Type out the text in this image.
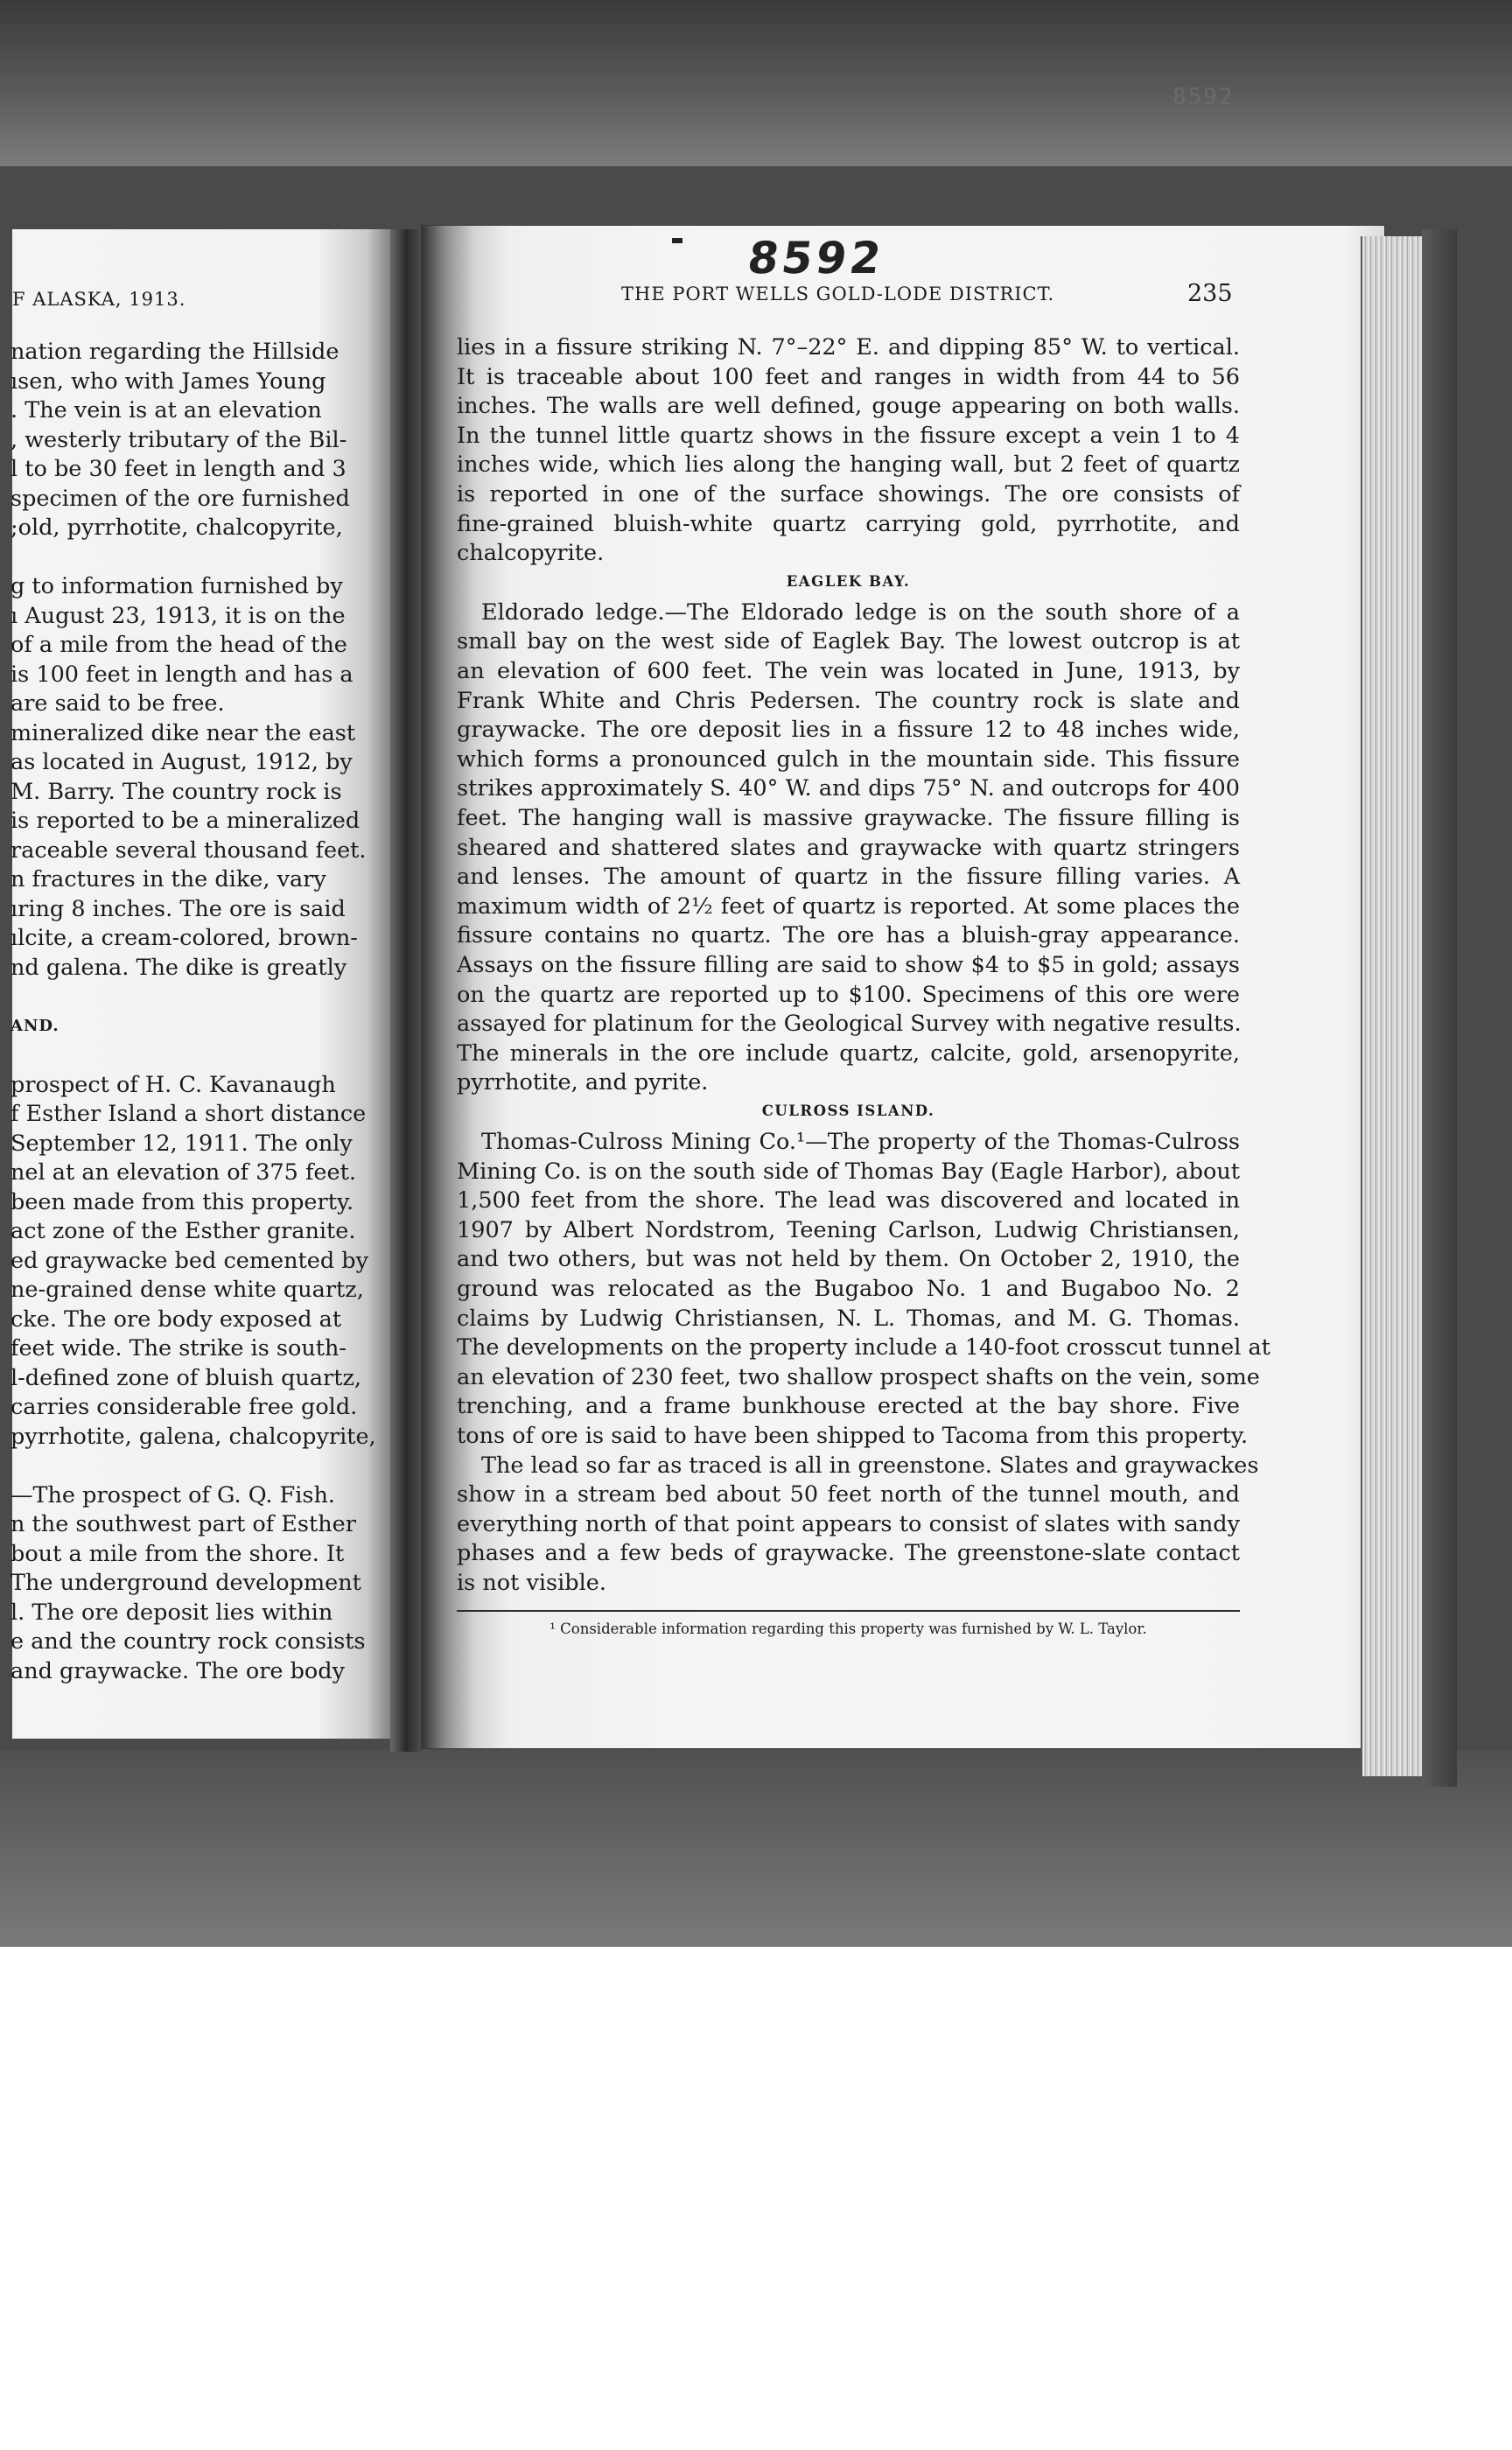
8592
F ALASKA, 1913.
nation regarding the Hillside
ısen, who with James Young
. The vein is at an elevation
, westerly tributary of the Bil-
l to be 30 feet in length and 3
specimen of the ore furnished
;old, pyrrhotite, chalcopyrite,
g to information furnished by
ı August 23, 1913, it is on the
of a mile from the head of the
is 100 feet in length and has a
are said to be free.
mineralized dike near the east
as located in August, 1912, by
M. Barry. The country rock is
is reported to be a mineralized
raceable several thousand feet.
n fractures in the dike, vary
ıring 8 inches. The ore is said
ılcite, a cream-colored, brown-
nd galena. The dike is greatly
AND.
prospect of H. C. Kavanaugh
f Esther Island a short distance
September 12, 1911. The only
nel at an elevation of 375 feet.
been made from this property.
act zone of the Esther granite.
ed graywacke bed cemented by
ne-grained dense white quartz,
cke. The ore body exposed at
feet wide. The strike is south-
l-defined zone of bluish quartz,
carries considerable free gold.
pyrrhotite, galena, chalcopyrite,
—The prospect of G. Q. Fish.
n the southwest part of Esther
bout a mile from the shore. It
The underground development
l. The ore deposit lies within
e and the country rock consists
and graywacke. The ore body
8592
THE PORT WELLS GOLD-LODE DISTRICT.	235
lies in a fissure striking N. 7°–22° E. and dipping 85° W. to vertical.
It is traceable about 100 feet and ranges in width from 44 to 56
inches. The walls are well defined, gouge appearing on both walls.
In the tunnel little quartz shows in the fissure except a vein 1 to 4
inches wide, which lies along the hanging wall, but 2 feet of quartz
is reported in one of the surface showings. The ore consists of
fine-grained bluish-white quartz carrying gold, pyrrhotite, and
chalcopyrite.
EAGLEK BAY.
Eldorado ledge.—The Eldorado ledge is on the south shore of a
small bay on the west side of Eaglek Bay. The lowest outcrop is at
an elevation of 600 feet. The vein was located in June, 1913, by
Frank White and Chris Pedersen. The country rock is slate and
graywacke. The ore deposit lies in a fissure 12 to 48 inches wide,
which forms a pronounced gulch in the mountain side. This fissure
strikes approximately S. 40° W. and dips 75° N. and outcrops for 400
feet. The hanging wall is massive graywacke. The fissure filling is
sheared and shattered slates and graywacke with quartz stringers
and lenses. The amount of quartz in the fissure filling varies. A
maximum width of 2½ feet of quartz is reported. At some places the
fissure contains no quartz. The ore has a bluish-gray appearance.
Assays on the fissure filling are said to show $4 to $5 in gold; assays
on the quartz are reported up to $100. Specimens of this ore were
assayed for platinum for the Geological Survey with negative results.
The minerals in the ore include quartz, calcite, gold, arsenopyrite,
pyrrhotite, and pyrite.
CULROSS ISLAND.
Thomas-Culross Mining Co.¹—The property of the Thomas-Culross
Mining Co. is on the south side of Thomas Bay (Eagle Harbor), about
1,500 feet from the shore. The lead was discovered and located in
1907 by Albert Nordstrom, Teening Carlson, Ludwig Christiansen,
and two others, but was not held by them. On October 2, 1910, the
ground was relocated as the Bugaboo No. 1 and Bugaboo No. 2
claims by Ludwig Christiansen, N. L. Thomas, and M. G. Thomas.
The developments on the property include a 140-foot crosscut tunnel at
an elevation of 230 feet, two shallow prospect shafts on the vein, some
trenching, and a frame bunkhouse erected at the bay shore. Five
tons of ore is said to have been shipped to Tacoma from this property.
The lead so far as traced is all in greenstone. Slates and graywackes
show in a stream bed about 50 feet north of the tunnel mouth, and
everything north of that point appears to consist of slates with sandy
phases and a few beds of graywacke. The greenstone-slate contact
is not visible.
¹ Considerable information regarding this property was furnished by W. L. Taylor.
